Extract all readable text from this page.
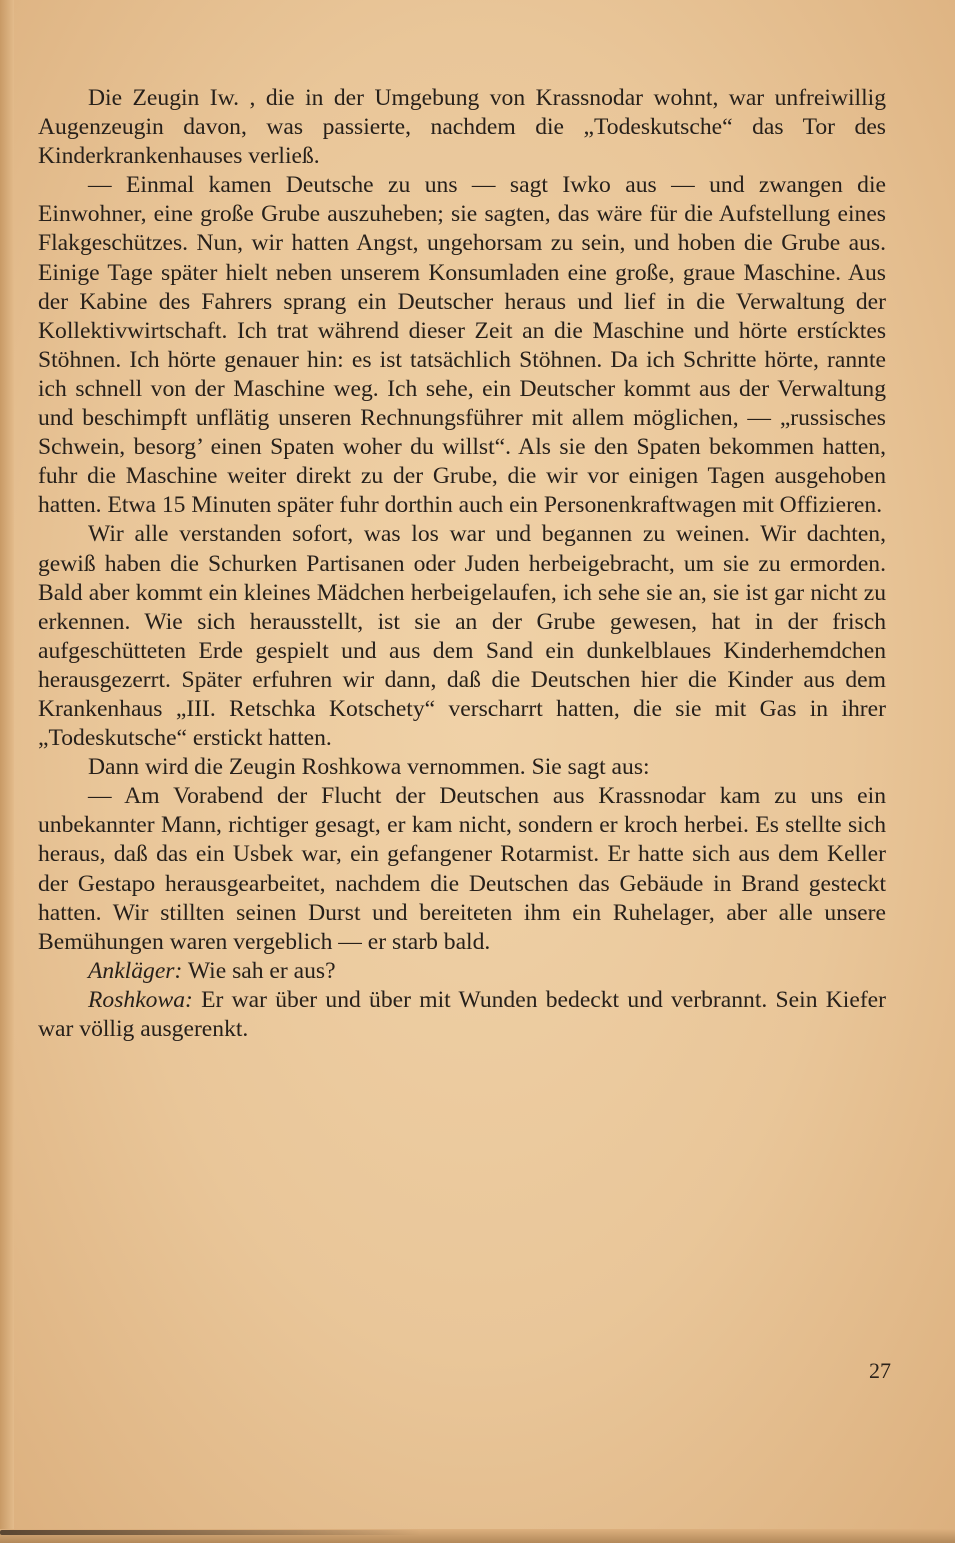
Die Zeugin Iw. , die in der Umgebung von Krassnodar wohnt, war unfreiwillig Augenzeugin davon, was passierte, nachdem die „Todeskutsche“ das Tor des Kinderkrankenhauses verließ.

— Einmal kamen Deutsche zu uns — sagt Iwko aus — und zwangen die Einwohner, eine große Grube auszuheben; sie sagten, das wäre für die Aufstellung eines Flakgeschützes. Nun, wir hatten Angst, ungehorsam zu sein, und hoben die Grube aus. Einige Tage später hielt neben unserem Konsumladen eine große, graue Maschine. Aus der Kabine des Fahrers sprang ein Deutscher heraus und lief in die Verwaltung der Kollektivwirtschaft. Ich trat während dieser Zeit an die Maschine und hörte erstícktes Stöhnen. Ich hörte genauer hin: es ist tatsächlich Stöhnen. Da ich Schritte hörte, rannte ich schnell von der Maschine weg. Ich sehe, ein Deutscher kommt aus der Verwaltung und beschimpft unflätig unseren Rechnungsführer mit allem möglichen, — „russisches Schwein, besorg’ einen Spaten woher du willst“. Als sie den Spaten bekommen hatten, fuhr die Maschine weiter direkt zu der Grube, die wir vor einigen Tagen ausgehoben hatten. Etwa 15 Minuten später fuhr dorthin auch ein Personenkraftwagen mit Offizieren.

Wir alle verstanden sofort, was los war und begannen zu weinen. Wir dachten, gewiß haben die Schurken Partisanen oder Juden herbeigebracht, um sie zu ermorden. Bald aber kommt ein kleines Mädchen herbeigelaufen, ich sehe sie an, sie ist gar nicht zu erkennen. Wie sich herausstellt, ist sie an der Grube gewesen, hat in der frisch aufgeschütteten Erde gespielt und aus dem Sand ein dunkelblaues Kinderhemdchen herausgezerrt. Später erfuhren wir dann, daß die Deutschen hier die Kinder aus dem Krankenhaus „III. Retschka Kotschety“ verscharrt hatten, die sie mit Gas in ihrer „Todeskutsche“ erstickt hatten.

Dann wird die Zeugin Roshkowa vernommen. Sie sagt aus:

— Am Vorabend der Flucht der Deutschen aus Krassnodar kam zu uns ein unbekannter Mann, richtiger gesagt, er kam nicht, sondern er kroch herbei. Es stellte sich heraus, daß das ein Usbek war, ein gefangener Rotarmist. Er hatte sich aus dem Keller der Gestapo herausgearbeitet, nachdem die Deutschen das Gebäude in Brand gesteckt hatten. Wir stillten seinen Durst und bereiteten ihm ein Ruhelager, aber alle unsere Bemühungen waren vergeblich — er starb bald.

Ankläger: Wie sah er aus?

Roshkowa: Er war über und über mit Wunden bedeckt und verbrannt. Sein Kiefer war völlig ausgerenkt.

27
